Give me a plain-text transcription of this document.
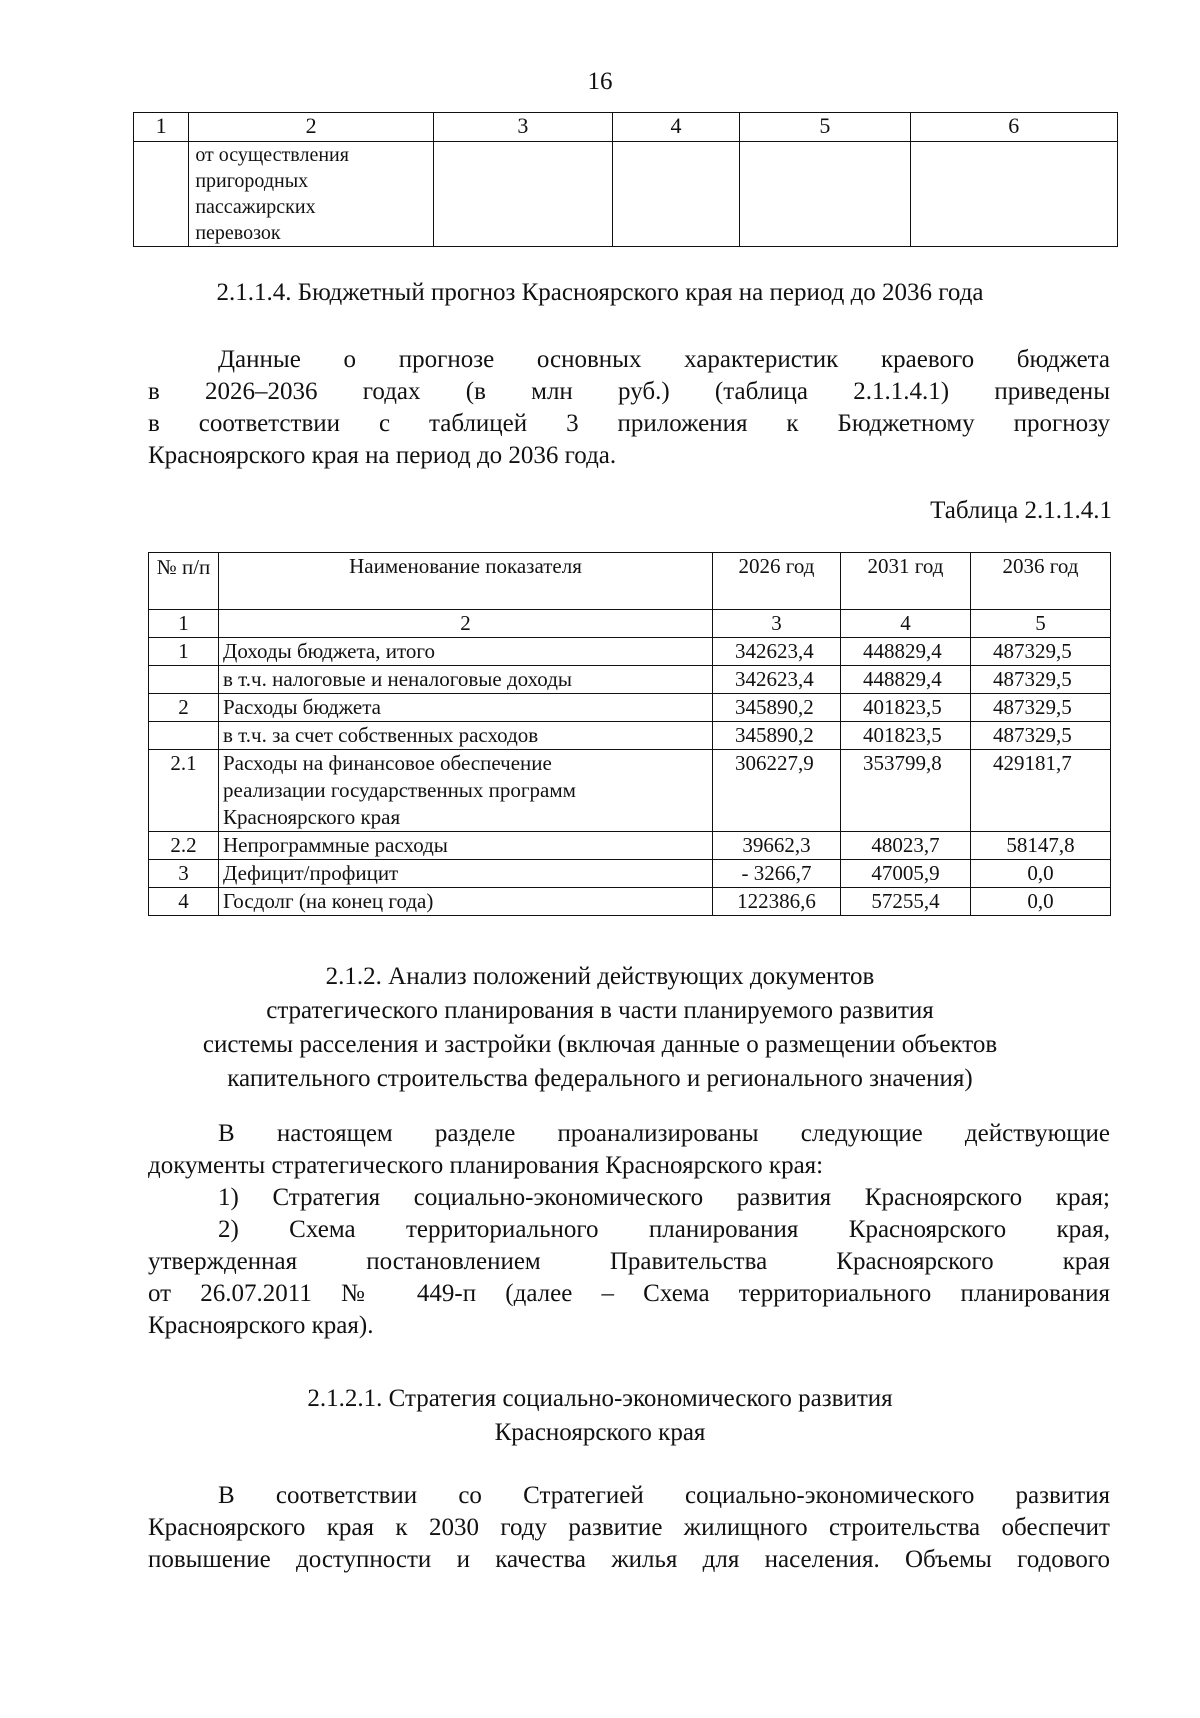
16
1	2	3	4	5	6

	от осуществления
пригородных
пассажирских
перевозок				

2.1.1.4. Бюджетный прогноз Красноярского края на период до 2036 года
Данные о прогнозе основных характеристик краевого бюджета
в 2026–2036 годах (в млн руб.) (таблица 2.1.1.4.1) приведены
в соответствии с таблицей 3 приложения к Бюджетному прогнозу
Красноярского края на период до 2036 года.
Таблица 2.1.1.4.1
№ п/п	Наименование показателя	2026 год	2031 год	2036 год
1	2	3	4	5
1	Доходы бюджета, итого	342623,4	448829,4	487329,5
	в т.ч. налоговые и неналоговые доходы	342623,4	448829,4	487329,5
2	Расходы бюджета	345890,2	401823,5	487329,5
	в т.ч. за счет собственных расходов	345890,2	401823,5	487329,5
2.1	Расходы на финансовое обеспечение реализации государственных программ Красноярского края	306227,9	353799,8	429181,7
2.2	Непрограммные расходы	39662,3	48023,7	58147,8
3	Дефицит/профицит	- 3266,7	47005,9	0,0
4	Госдолг (на конец года)	122386,6	57255,4	0,0
2.1.2. Анализ положений действующих документов
стратегического планирования в части планируемого развития
системы расселения и застройки (включая данные о размещении объектов
капительного строительства федерального и регионального значения)
В настоящем разделе проанализированы следующие действующие
документы стратегического планирования Красноярского края:
1) Стратегия социально-экономического развития Красноярского края;
2) Схема территориального планирования Красноярского края,
утвержденная постановлением Правительства Красноярского края
от 26.07.2011 № 449-п (далее – Схема территориального планирования
Красноярского края).
2.1.2.1. Стратегия социально-экономического развития
Красноярского края
В соответствии со Стратегией социально-экономического развития
Красноярского края к 2030 году развитие жилищного строительства обеспечит
повышение доступности и качества жилья для населения. Объемы годового
